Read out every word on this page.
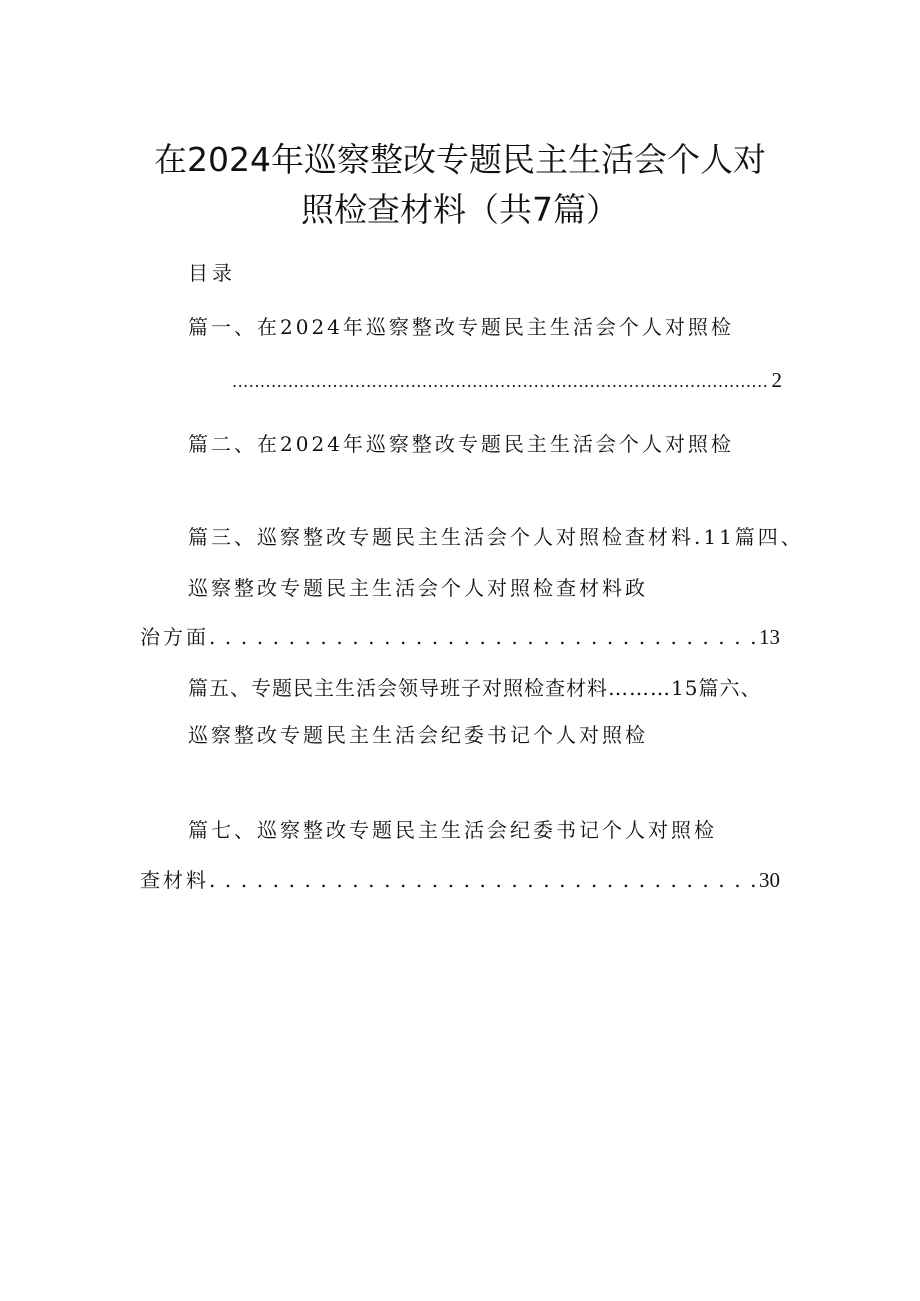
在2024年巡察整改专题民主生活会个人对
照检查材料（共7篇）
目录
篇一、在2024年巡察整改专题民主生活会个人对照检
.....
2
篇二、在2024年巡察整改专题民主生活会个人对照检
篇三、巡察整改专题民主生活会个人对照检查材料.11篇四、
巡察整改专题民主生活会个人对照检查材料政
治方面 . . .	13
篇五、专题民主生活会领导班子对照检查材料………15篇六、
巡察整改专题民主生活会纪委书记个人对照检
篇七、巡察整改专题民主生活会纪委书记个人对照检
查材料 . . .	30
